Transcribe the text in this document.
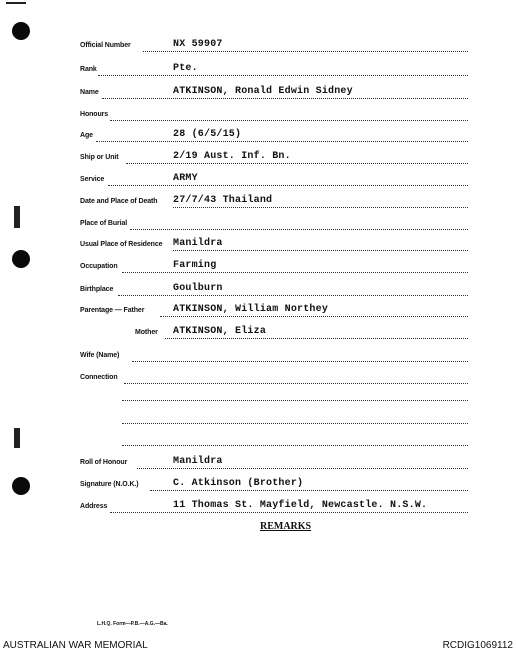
Official Number	NX 59907
Rank	Pte.
Name	ATKINSON, Ronald Edwin Sidney
Honours
Age	28 (6/5/15)
Ship or Unit	2/19 Aust. Inf. Bn.
Service	ARMY
Date and Place of Death 27/7/43 Thailand
Place of Burial
Usual Place of Residence Manildra
Occupation	Farming
Birthplace	Goulburn
Parentage — Father	ATKINSON, William Northey
Mother ATKINSON, Eliza
Wife (Name)
Connection
Roll of Honour	Manildra
Signature (N.O.K.)	C. Atkinson (Brother)
Address	11 Thomas St. Mayfield, Newcastle. N.S.W.
REMARKS
L.H.Q. Form—P.B.—A.G.—Ba.
AUSTRALIAN WAR MEMORIAL	RCDIG1069112
